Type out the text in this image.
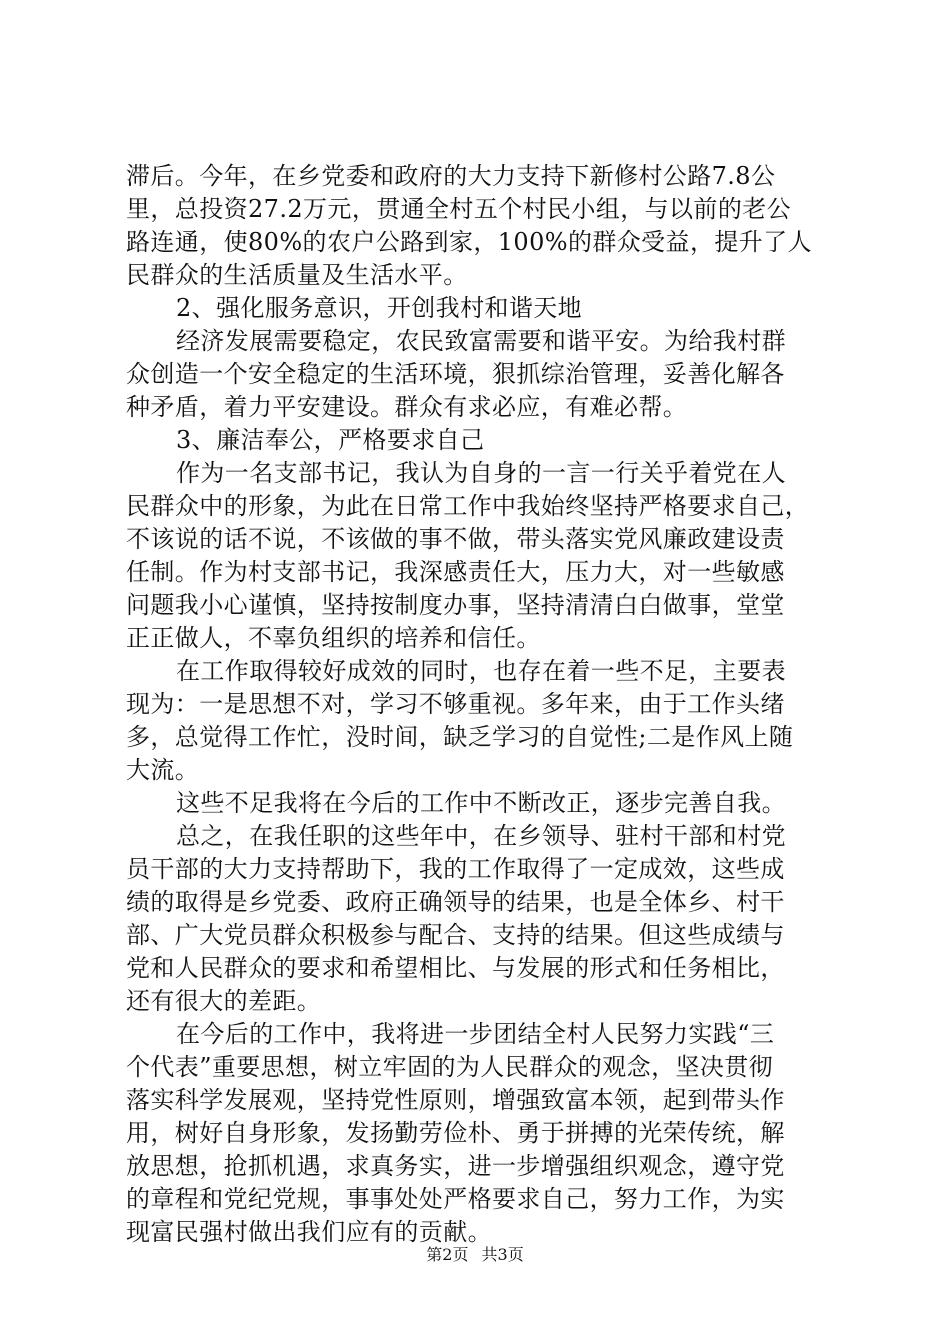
滞后。今年，在乡党委和政府的大力支持下新修村公路7.8公
里，总投资27.2万元，贯通全村五个村民小组，与以前的老公
路连通，使80%的农户公路到家，100%的群众受益，提升了人
民群众的生活质量及生活水平。
2、强化服务意识，开创我村和谐天地
经济发展需要稳定，农民致富需要和谐平安。为给我村群
众创造一个安全稳定的生活环境，狠抓综治管理，妥善化解各
种矛盾，着力平安建设。群众有求必应，有难必帮。
3、廉洁奉公，严格要求自己
作为一名支部书记，我认为自身的一言一行关乎着党在人
民群众中的形象，为此在日常工作中我始终坚持严格要求自己，
不该说的话不说，不该做的事不做，带头落实党风廉政建设责
任制。作为村支部书记，我深感责任大，压力大，对一些敏感
问题我小心谨慎，坚持按制度办事，坚持清清白白做事，堂堂
正正做人，不辜负组织的培养和信任。
在工作取得较好成效的同时，也存在着一些不足，主要表
现为：一是思想不对，学习不够重视。多年来，由于工作头绪
多，总觉得工作忙，没时间，缺乏学习的自觉性;二是作风上随
大流。
这些不足我将在今后的工作中不断改正，逐步完善自我。
总之，在我任职的这些年中，在乡领导、驻村干部和村党
员干部的大力支持帮助下，我的工作取得了一定成效，这些成
绩的取得是乡党委、政府正确领导的结果，也是全体乡、村干
部、广大党员群众积极参与配合、支持的结果。但这些成绩与
党和人民群众的要求和希望相比、与发展的形式和任务相比，
还有很大的差距。
在今后的工作中，我将进一步团结全村人民努力实践“三
个代表”重要思想，树立牢固的为人民群众的观念，坚决贯彻
落实科学发展观，坚持党性原则，增强致富本领，起到带头作
用，树好自身形象，发扬勤劳俭朴、勇于拼搏的光荣传统，解
放思想，抢抓机遇，求真务实，进一步增强组织观念，遵守党
的章程和党纪党规，事事处处严格要求自己，努力工作，为实
现富民强村做出我们应有的贡献。
第2页 共3页
